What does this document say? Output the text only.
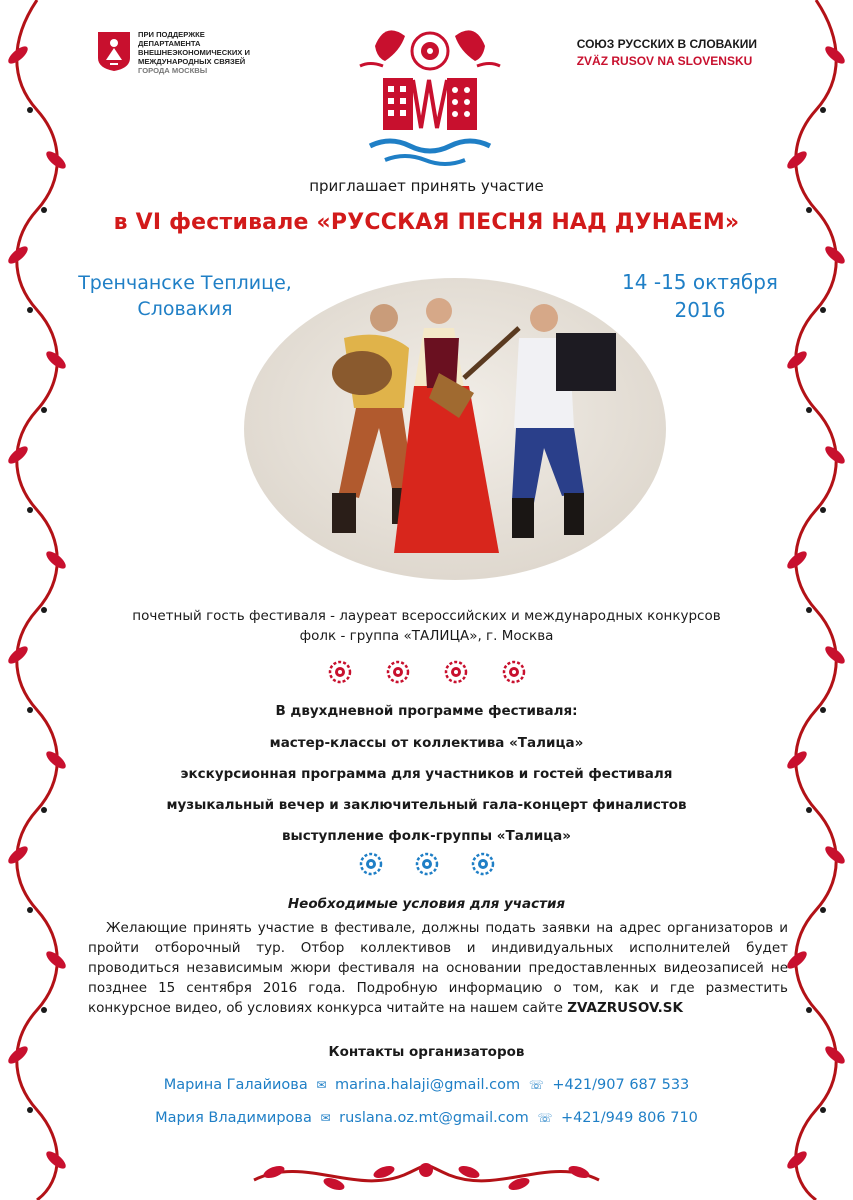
ПРИ ПОДДЕРЖКЕ
ДЕПАРТАМЕНТА
ВНЕШНЕЭКОНОМИЧЕСКИХ И
МЕЖДУНАРОДНЫХ СВЯЗЕЙ
ГОРОДА МОСКВЫ
СОЮЗ РУССКИХ В СЛОВАКИИ
ZVÄZ RUSOV NA SLOVENSKU
приглашает принять участие
в VI фестивале «РУССКАЯ ПЕСНЯ НАД ДУНАЕМ»
Тренчанске Теплице,
Словакия
14 -15 октября
2016
почетный гость фестиваля - лауреат всероссийских и международных конкурсов
фолк - группа «ТАЛИЦА», г. Москва
В двухдневной программе фестиваля:
мастер-классы от коллектива «Талица»
экскурсионная программа для участников и гостей фестиваля
музыкальный вечер и заключительный гала-концерт финалистов
выступление фолк-группы «Талица»
Необходимые условия для участия
Желающие принять участие в фестивале, должны подать заявки на адрес организаторов и пройти отборочный тур. Отбор коллективов и индивидуальных исполнителей будет проводиться независимым жюри фестиваля на основании предоставленных видеозаписей не позднее 15 сентября 2016 года. Подробную информацию о том, как и где разместить конкурсное видео, об условиях конкурса читайте на нашем сайте ZVAZRUSOV.SK
Контакты организаторов
Марина Галайиова ✉ marina.halaji@gmail.com ☏ +421/907 687 533
Мария Владимирова ✉ ruslana.oz.mt@gmail.com ☏ +421/949 806 710
